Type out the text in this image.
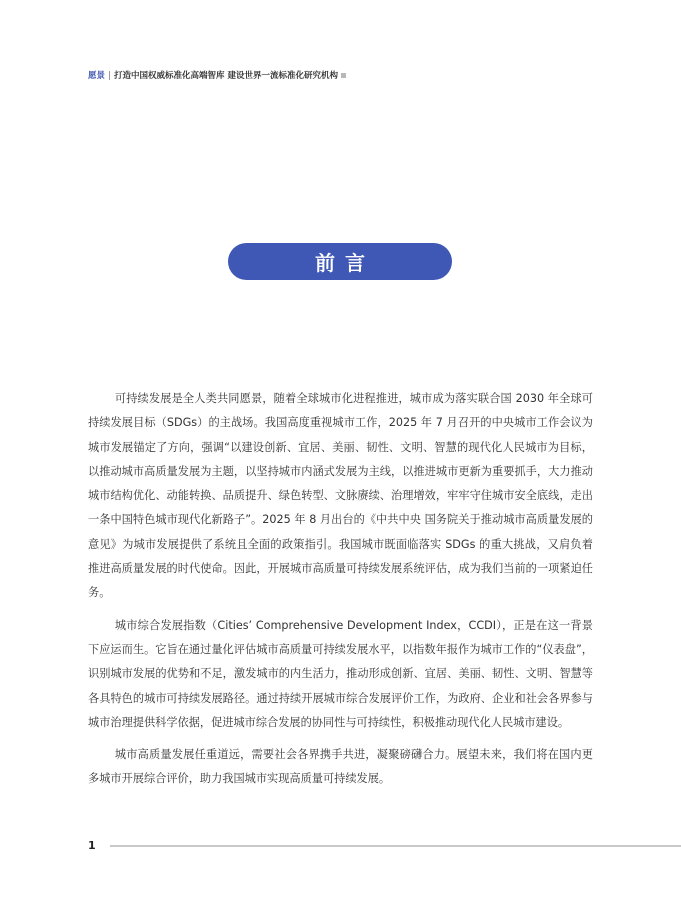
愿景 打造中国权威标准化高端智库 建设世界一流标准化研究机构
前言

可持续发展是全人类共同愿景，随着全球城市化进程推进，城市成为落实联合国 2030 年全球可持续发展目标（SDGs）的主战场。我国高度重视城市工作，2025 年 7 月召开的中央城市工作会议为城市发展锚定了方向，强调“以建设创新、宜居、美丽、韧性、文明、智慧的现代化人民城市为目标，以推动城市高质量发展为主题，以坚持城市内涵式发展为主线，以推进城市更新为重要抓手，大力推动城市结构优化、动能转换、品质提升、绿色转型、文脉赓续、治理增效，牢牢守住城市安全底线，走出一条中国特色城市现代化新路子”。2025 年 8 月出台的《中共中央 国务院关于推动城市高质量发展的意见》为城市发展提供了系统且全面的政策指引。我国城市既面临落实 SDGs 的重大挑战，又肩负着推进高质量发展的时代使命。因此，开展城市高质量可持续发展系统评估，成为我们当前的一项紧迫任务。

城市综合发展指数（Cities’ Comprehensive Development Index，CCDI），正是在这一背景下应运而生。它旨在通过量化评估城市高质量可持续发展水平，以指数年报作为城市工作的“仪表盘”，识别城市发展的优势和不足，激发城市的内生活力，推动形成创新、宜居、美丽、韧性、文明、智慧等各具特色的城市可持续发展路径。通过持续开展城市综合发展评价工作，为政府、企业和社会各界参与城市治理提供科学依据，促进城市综合发展的协同性与可持续性，积极推动现代化人民城市建设。

城市高质量发展任重道远，需要社会各界携手共进，凝聚磅礴合力。展望未来，我们将在国内更多城市开展综合评价，助力我国城市实现高质量可持续发展。

1
